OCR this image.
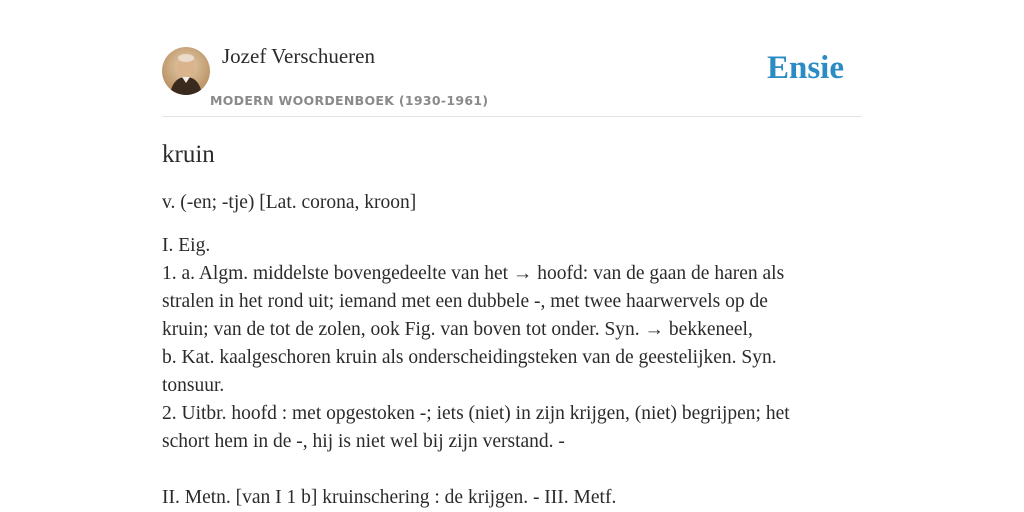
Jozef Verschueren
MODERN WOORDENBOEK (1930-1961)
Ensie
kruin
v. (-en; -tje) [Lat. corona, kroon]
I. Eig.
1. a. Algm. middelste bovengedeelte van het → hoofd: van de gaan de haren als
stralen in het rond uit; iemand met een dubbele -, met twee haarwervels op de
kruin; van de tot de zolen, ook Fig. van boven tot onder. Syn. → bekkeneel,
b. Kat. kaalgeschoren kruin als onderscheidingsteken van de geestelijken. Syn.
tonsuur.
2. Uitbr. hoofd : met opgestoken -; iets (niet) in zijn krijgen, (niet) begrijpen; het
schort hem in de -, hij is niet wel bij zijn verstand. -
II. Metn. [van I 1 b] kruinschering : de krijgen. - III. Metf.
